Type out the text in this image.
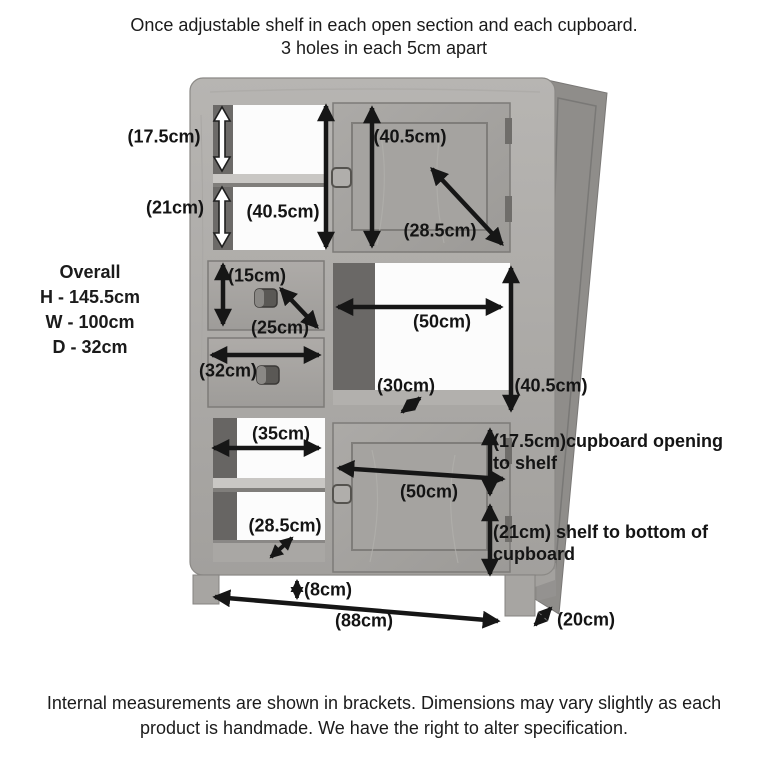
Once adjustable shelf in each open section and each cupboard.
3 holes in each 5cm apart
Overall
H - 145.5cm
W - 100cm
D - 32cm
(17.5cm)
(21cm) (40.5cm)
(40.5cm)
(28.5cm)
(15cm)
(25cm)
(32cm)
(50cm)
(30cm)	(40.5cm)
(35cm)
(50cm)
(28.5cm)
(8cm)
(88cm)	(20cm)
(17.5cm)cupboard opening to shelf
(21cm) shelf to bottom of cupboard
Internal measurements are shown in brackets. Dimensions may vary slightly as each
product is handmade. We have the right to alter specification.
